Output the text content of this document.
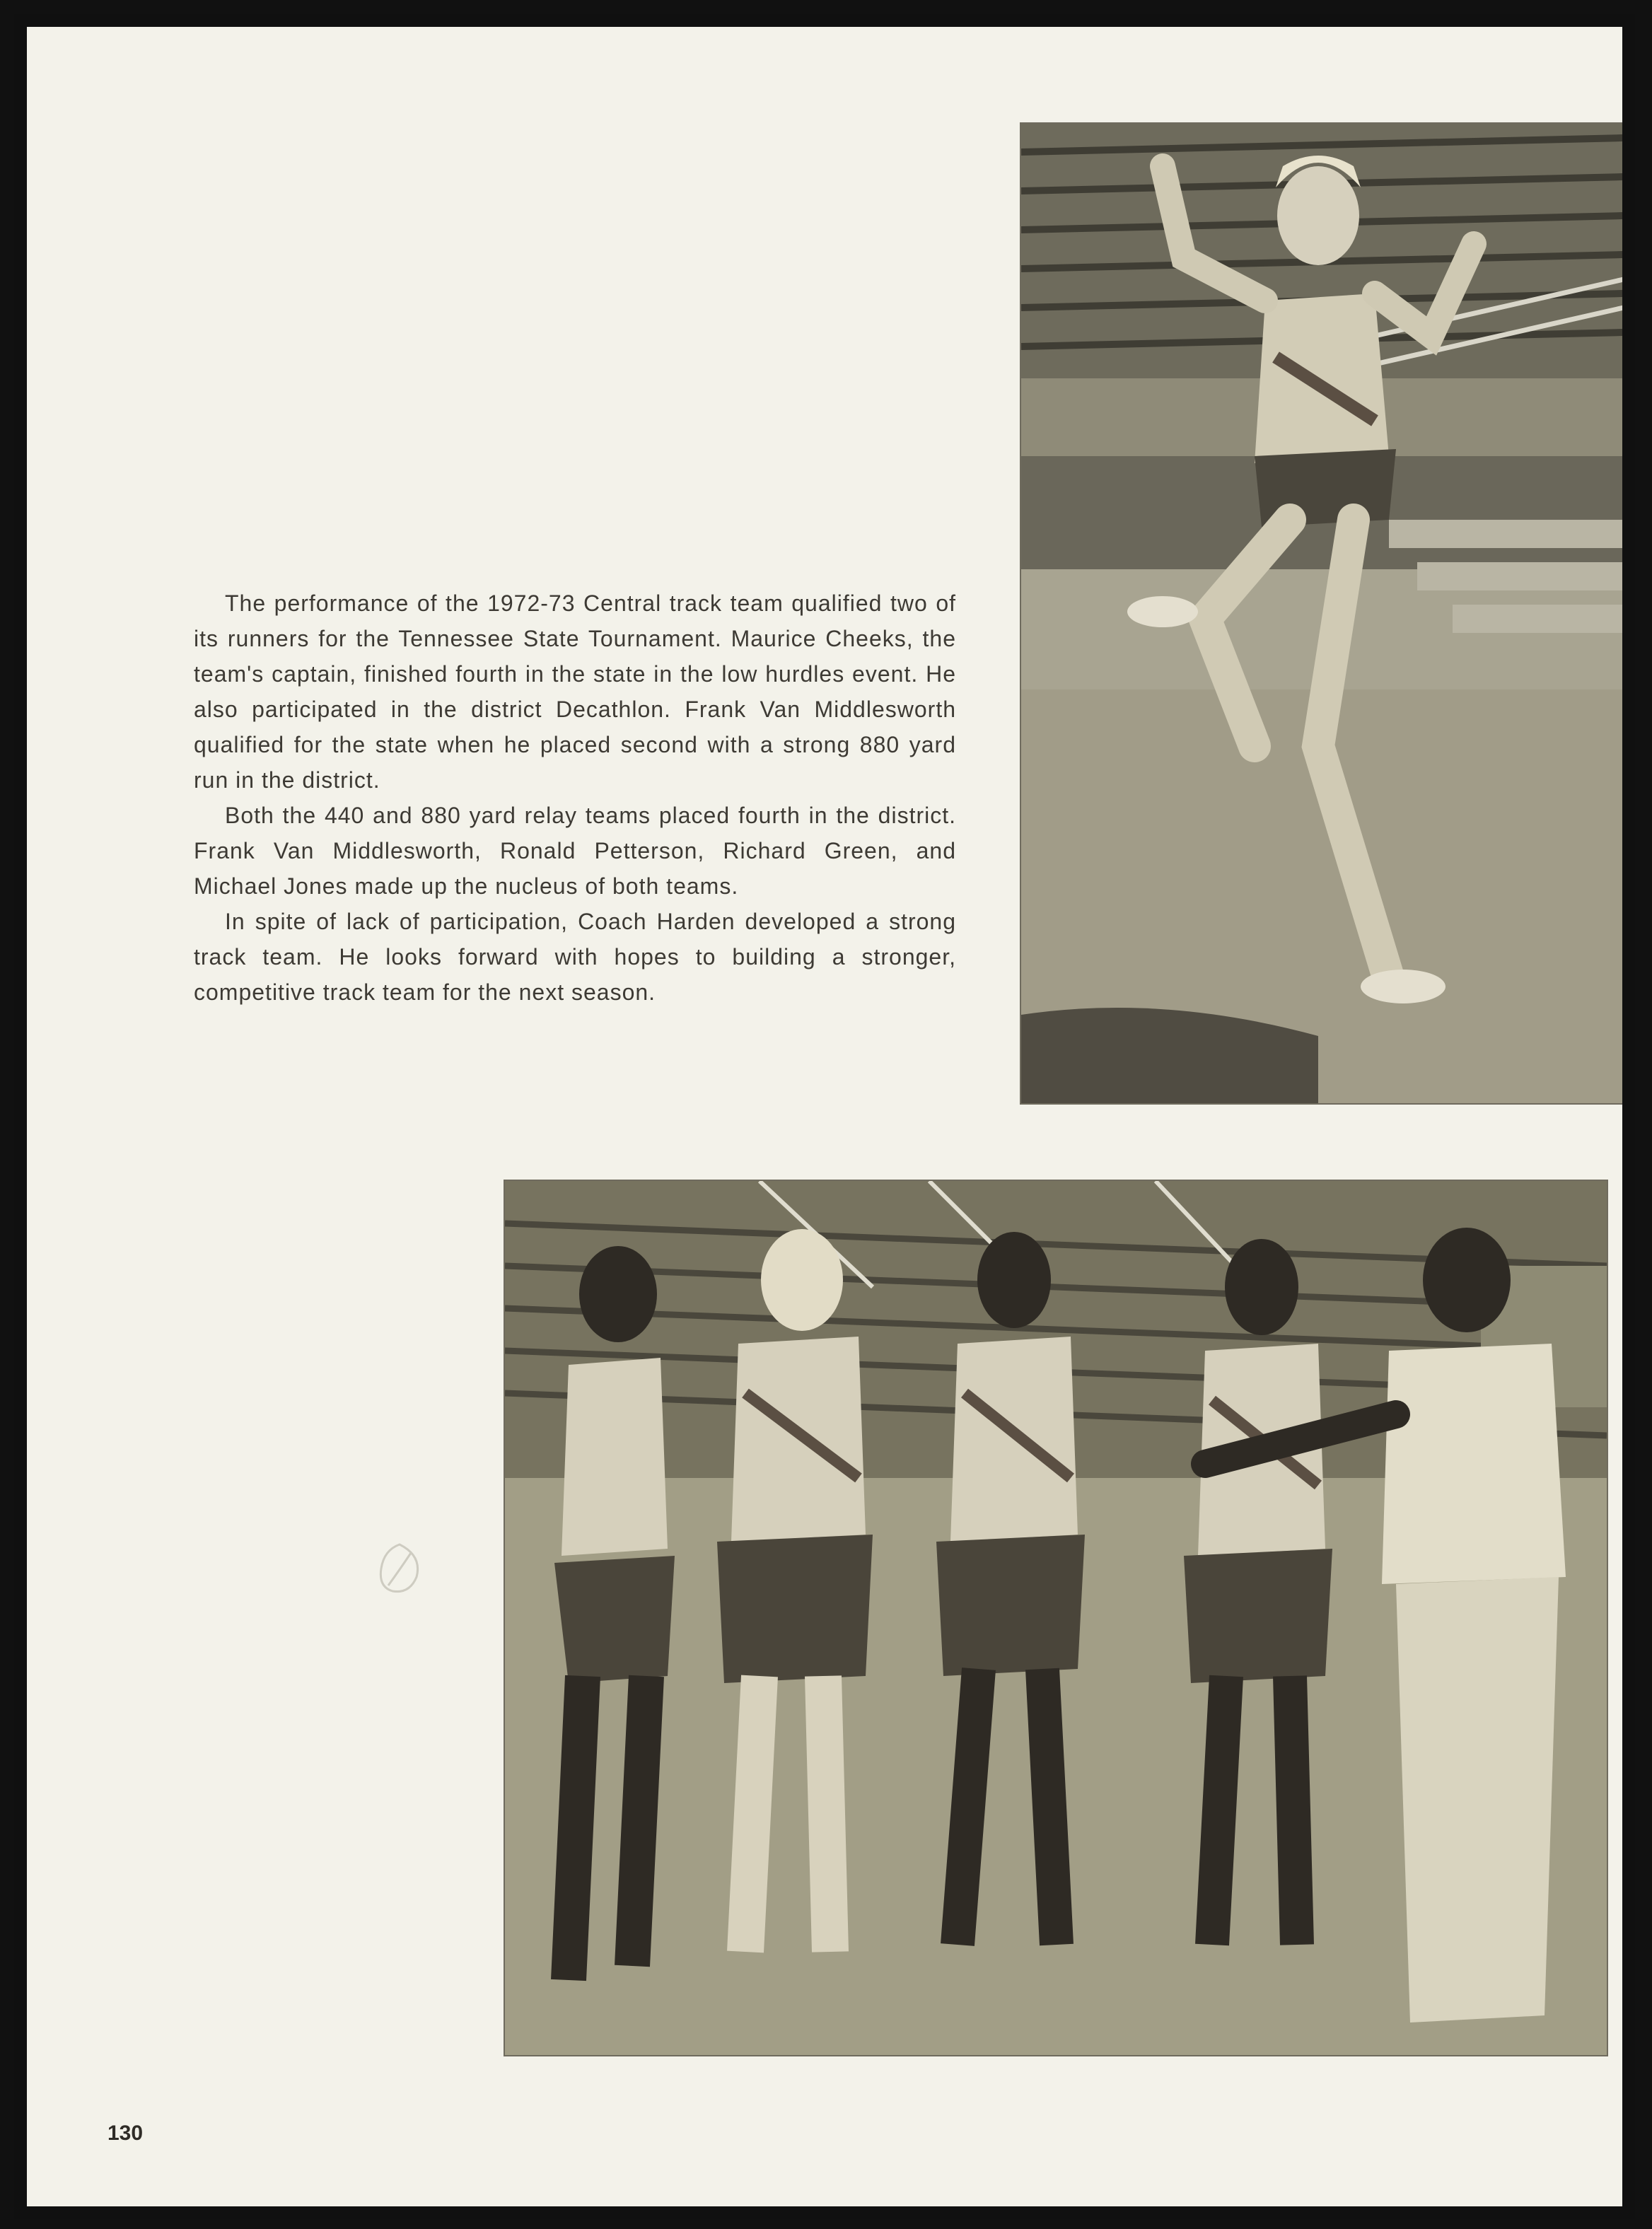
The performance of the 1972-73 Central track team qualified two of its runners for the Tennessee State Tournament. Maurice Cheeks, the team's captain, finished fourth in the state in the low hurdles event. He also participated in the district Decathlon. Frank Van Middlesworth qualified for the state when he placed second with a strong 880 yard run in the district.

Both the 440 and 880 yard relay teams placed fourth in the district. Frank Van Middlesworth, Ronald Petterson, Richard Green, and Michael Jones made up the nucleus of both teams.

In spite of lack of participation, Coach Harden developed a strong track team. He looks forward with hopes to building a stronger, competitive track team for the next season.

130
